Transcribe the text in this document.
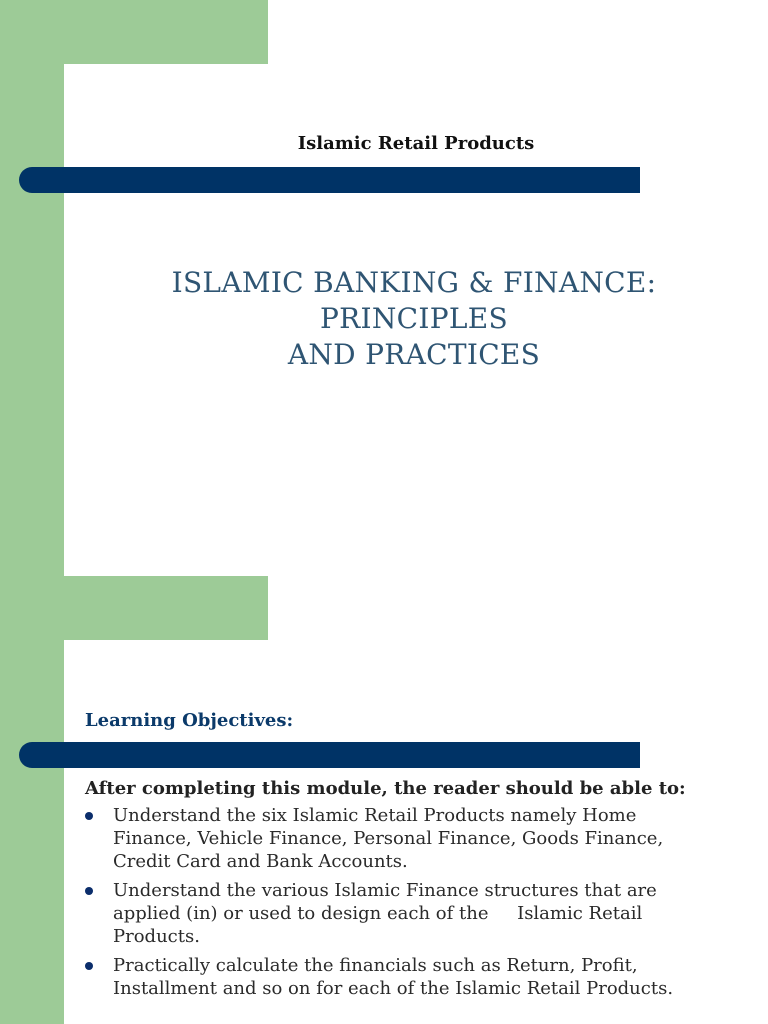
Islamic Retail Products
ISLAMIC BANKING & FINANCE: PRINCIPLES
AND PRACTICES
Learning Objectives:
After completing this module, the reader should be able to:
Understand the six Islamic Retail Products namely Home
Finance, Vehicle Finance, Personal Finance, Goods Finance,
Credit Card and Bank Accounts.
Understand the various Islamic Finance structures that are
applied (in) or used to design each of the     Islamic Retail
Products.
Practically calculate the financials such as Return, Profit,
Installment and so on for each of the Islamic Retail Products.
